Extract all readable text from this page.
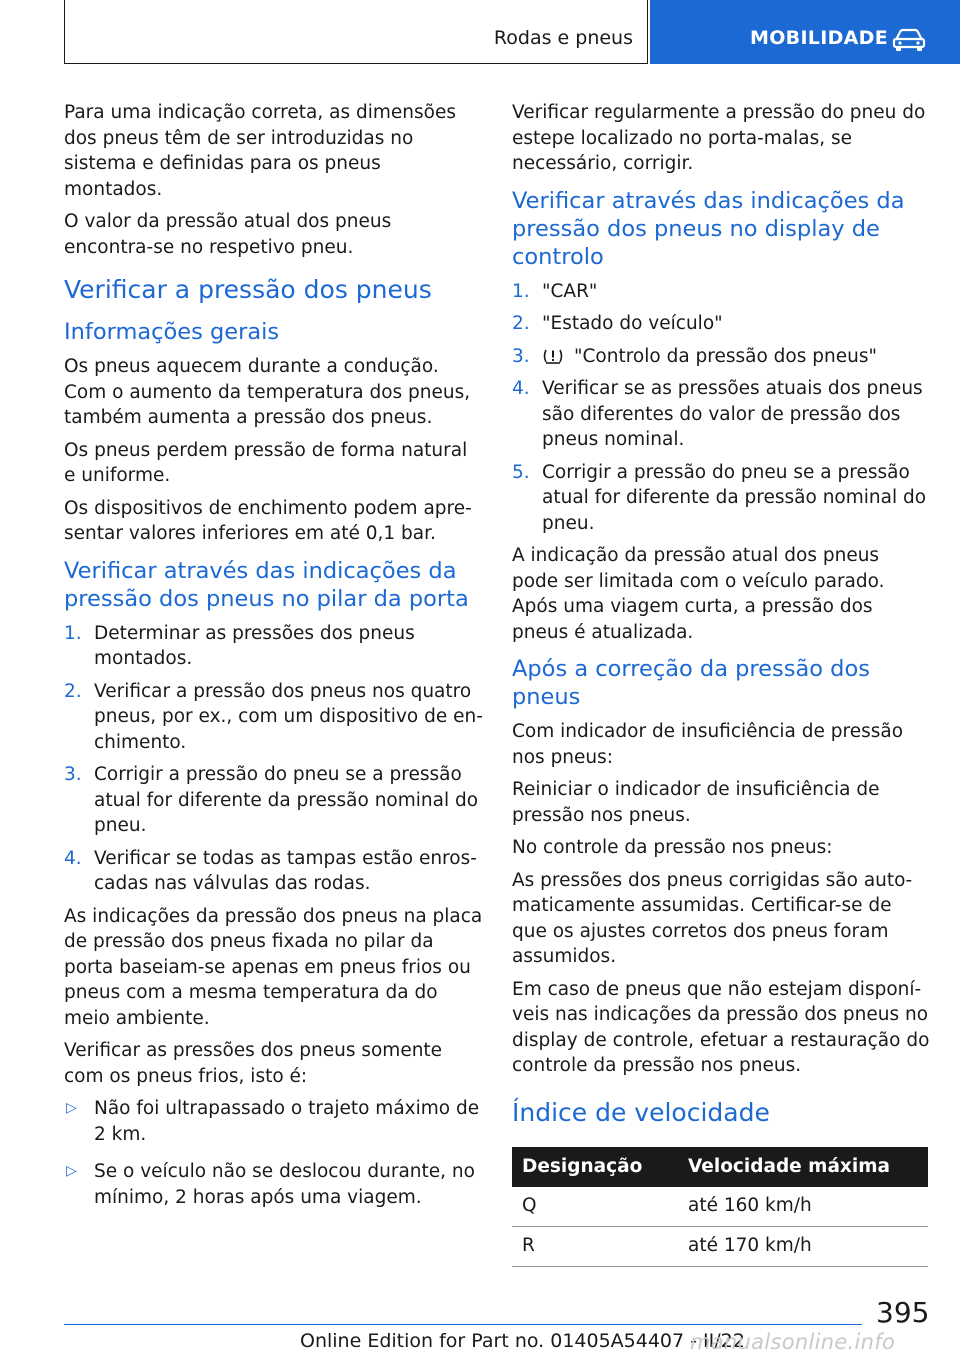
Rodas e pneus	MOBILIDADE

Para uma indicação correta, as dimensões dos pneus têm de ser introduzidas no sistema e definidas para os pneus montados.

O valor da pressão atual dos pneus encontra-se no respetivo pneu.

Verificar a pressão dos pneus
Informações gerais

Os pneus aquecem durante a condução. Com o aumento da temperatura dos pneus, também aumenta a pressão dos pneus.

Os pneus perdem pressão de forma natural e uniforme.

Os dispositivos de enchimento podem apresentar valores inferiores em até 0,1 bar.

Verificar através das indicações da pressão dos pneus no pilar da porta
1. Determinar as pressões dos pneus montados.
2. Verificar a pressão dos pneus nos quatro pneus, por ex., com um dispositivo de enchimento.
3. Corrigir a pressão do pneu se a pressão atual for diferente da pressão nominal do pneu.
4. Verificar se todas as tampas estão enroscadas nas válvulas das rodas.

As indicações da pressão dos pneus na placa de pressão dos pneus fixada no pilar da porta baseiam-se apenas em pneus frios ou pneus com a mesma temperatura da do meio ambiente.

Verificar as pressões dos pneus somente com os pneus frios, isto é:

▷ Não foi ultrapassado o trajeto máximo de 2 km.
▷ Se o veículo não se deslocou durante, no mínimo, 2 horas após uma viagem.

Verificar regularmente a pressão do pneu do estepe localizado no porta-malas, se necessário, corrigir.

Verificar através das indicações da pressão dos pneus no display de controlo
1. "CAR"
2. "Estado do veículo"
3. "Controlo da pressão dos pneus"
4. Verificar se as pressões atuais dos pneus são diferentes do valor de pressão dos pneus nominal.
5. Corrigir a pressão do pneu se a pressão atual for diferente da pressão nominal do pneu.

A indicação da pressão atual dos pneus pode ser limitada com o veículo parado. Após uma viagem curta, a pressão dos pneus é atualizada.

Após a correção da pressão dos pneus

Com indicador de insuficiência de pressão nos pneus:

Reiniciar o indicador de insuficiência de pressão nos pneus.

No controle da pressão nos pneus:

As pressões dos pneus corrigidas são automaticamente assumidas. Certificar-se de que os ajustes corretos dos pneus foram assumidos.

Em caso de pneus que não estejam disponíveis nas indicações da pressão dos pneus no display de controle, efetuar a restauração do controle da pressão nos pneus.

Índice de velocidade
Designação	Velocidade máxima
Q	até 160 km/h
R	até 170 km/h
395
Online Edition for Part no. 01405A54407 - II/22
manualsonline.info
